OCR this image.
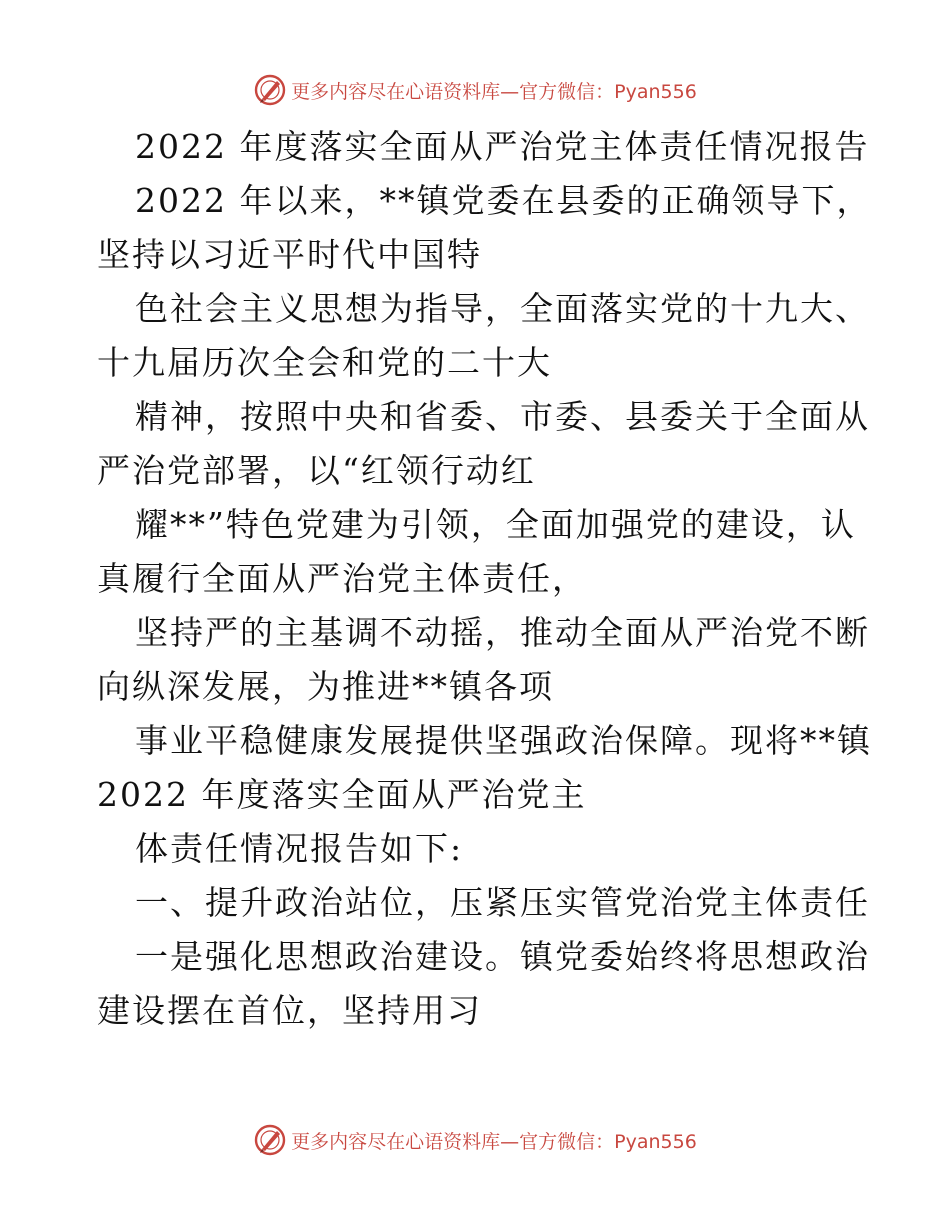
更多内容尽在心语资料库—官方微信：Pyan556
2022 年度落实全面从严治党主体责任情况报告
2022 年以来，**镇党委在县委的正确领导下，
坚持以习近平时代中国特
色社会主义思想为指导，全面落实党的十九大、
十九届历次全会和党的二十大
精神，按照中央和省委、市委、县委关于全面从
严治党部署，以“红领行动红
耀**”特色党建为引领，全面加强党的建设，认
真履行全面从严治党主体责任，
坚持严的主基调不动摇，推动全面从严治党不断
向纵深发展，为推进**镇各项
事业平稳健康发展提供坚强政治保障。现将**镇
2022 年度落实全面从严治党主
体责任情况报告如下:
一、提升政治站位，压紧压实管党治党主体责任
一是强化思想政治建设。镇党委始终将思想政治
建设摆在首位，坚持用习
更多内容尽在心语资料库—官方微信：Pyan556
